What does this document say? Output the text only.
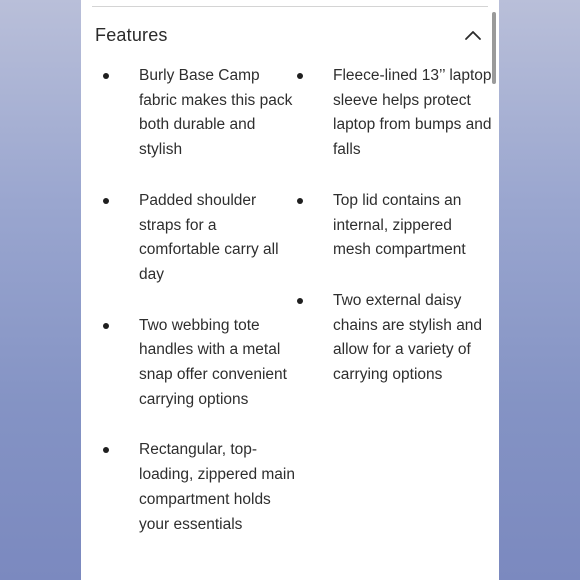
Features
Burly Base Camp fabric makes this pack both durable and stylish
Padded shoulder straps for a comfortable carry all day
Two webbing tote handles with a metal snap offer convenient carrying options
Rectangular, top-loading, zippered main compartment holds your essentials
Fleece-lined 13’’ laptop sleeve helps protect laptop from bumps and falls
Top lid contains an internal, zippered mesh compartment
Two external daisy chains are stylish and allow for a variety of carrying options
